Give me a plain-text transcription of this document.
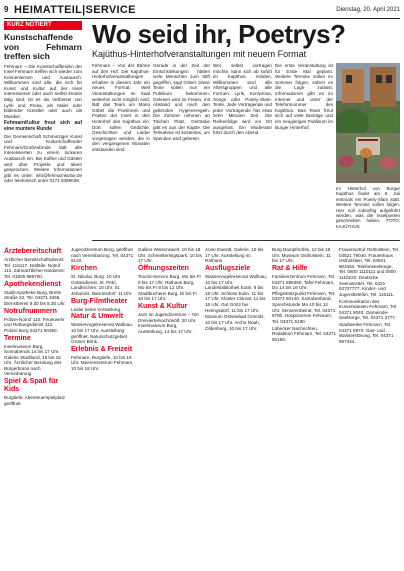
9 HEIMATTEIL|SERVICE	Dienstag, 20. April 2021
KURZ NOTIERT
Kunstschaffende von Fehmarn treffen sich

Fehmarn – Die Kunstschaffenden der Insel Fehmarn treffen sich wieder zum Kennenlernen und Austausch. Willkommen sind alle, die sich für Kunst und Kultur auf der Insel interessieren oder auch selbst kreativ tätig sind, ist es als Verfasser von Lyrik und Prosa, als Maler oder bildender Künstler oder auch als Musiker.

FehmarnKultur freut sich auf eine muntere Runde

Die Gemeinschaft Schmutziger Kunst und Kulturschaffender Fehmarn/Großenbrode lädt alle Interessierten zu einem lockeren Austausch ein. Bei Kaffee und Gästen wird über Projekte und Ideen gesprochen. Weitere Informationen gibt es unter: info@fehmarnkultur.de oder telefonisch unter 0171 9399038.

Wo seid ihr, Poetrys?
Kajüthus-Hinterhofveranstaltungen mit neuem Format

Fehmarn – Von der Bühne auf den Hof. Die Kajüthus-Hinterhofveranstaltungen erhalten in diesem Jahr ein neues Format: Weil Veranstaltungen im Saal weiterhin nicht möglich sind, lädt das Team um Mario Göbel die Poetinnen und Poeten der Insel in den Hinterhof des Kajüthus ein. Dort sollen Gedichte, Geschichten und Lieder vorgetragen werden, die in den vergangenen Monaten entstanden sind.

Gerade in der Zeit der Einschränkungen hätten viele Menschen zum Stift gegriffen, sagt Göbel. Diese Texte sollen nun ein Publikum bekommen. Gelesen wird im Freien, mit Abstand und nach den geltenden Hygieneregeln. Die Zuhörer nehmen an Tischen Platz, Getränke gibt es aus der Kajüte. Die Teilnahme ist kostenlos, um Spenden wird gebeten.

Wer selbst vortragen möchte, kann sich ab sofort im Kajüthus melden. Willkommen sind alle Altersgruppen und alle Formen: Lyrik, Kurzprosa, Songs oder Poetry-Slam-Texte. Jede Vortragende und jeder Vortragende hat etwa zehn Minuten Zeit. Die Reihenfolge wird vor Ort ausgelost. Ein Moderator führt durch den Abend.

Die erste Veranstaltung ist für Ende Mai geplant. Weitere Termine sollen im Sommer folgen, sofern es die Lage zulässt. Informationen gibt es im Internet und unter der Telefonnummer des Kajüthus. Das Team freut sich auf viele Beiträge und ein neugieriges Publikum im Burger Hinterhof.

Im Hinterhof von Burger Kajüthus findet am 5. Juli erstmals ein Poetry-Slam statt. Weitere Termine sollen folgen. Hier soll zukünftig aufgeführt werden, was die Inselpoeten geschrieben haben. FOTO: KAJÜTHUS
Ärztebereitschaft

Ärztlicher Bereitschaftsdienst: Tel. 116117. Notfälle: Notruf 112. Zahnärztlicher Notdienst: Tel. 01805 986700.

Apothekendienst

Stadt-Apotheke Burg, Breite Straße 22, Tel. 04371 3456. Dienstbereit 8.30 bis 8.30 Uhr.

Notrufnummern

Polizei-Notruf 110. Feuerwehr und Rettungsdienst 112. Polizei Burg 04371 50380.

Termine

Inselmuseum Burg, Sonnabends 14 bis 17 Uhr. Galerie Stadtland, 15 bis 18 Uhr. Ärztlicher Beratung des Bürgerbüros nach Vereinbarung.

Spiel & Spaß für Kids

Burgtiefe: Abenteuerspielplatz geöffnet.

Jugendzentrum Burg, geöffnet nach Vereinbarung, Tel. 04371 9120.

Kirchen

St. Nikolai, Burg: 10 Uhr Gottesdienst. St. Petri, Landkirchen: 10 Uhr. St. Johannis, Bannesdorf: 11 Uhr.

Burg-Filmtheater

Leider keine Vorstellung.

Natur & Umwelt

Wasservogelreservat Wallnau, 10 bis 17 Uhr, Ausstellung geöffnet. Naturschutzgebiet Grüner Brink.

Erlebnis & Freizeit

Fehmare, Burgtiefe, 10 bis 18 Uhr. Meereszentrum Fehmarn, 10 bis 18 Uhr.

Galileo Wissenswelt, 10 bis 18 Uhr. Schmetterlingspark, 10 bis 17 Uhr.

Öffnungszeiten

Tourist-Service Burg, Mo bis Fr 9 bis 17 Uhr. Rathaus Burg, Mo bis Fr 8 bis 12 Uhr. Stadtbücherei Burg, Di bis Fr 10 bis 17 Uhr.

Kunst & Kultur

Jazz im Jugendzentrum – Ton Dreiviertelnachzwölf, 20 Uhr. Inselmuseum Burg, Ausstellung, 14 bis 17 Uhr.

Anne Ewerdt, Galerie, 10 bis 17 Uhr. Ausstellung im Rathaus.

Ausflugsziele

Wasservogelreservat Wallnau, 10 bis 17 Uhr. Landesbibliothek Eutin, 9 bis 18 Uhr. Schloss Eutin, 11 bis 17 Uhr. Kloster Cismar, 11 bis 18 Uhr. Gut Görtz bei Heringsdorf, 11 bis 17 Uhr.

Museum Ostseebad Grömitz, 10 bis 17 Uhr. Arche Noah, Oldenburg, 10 bis 17 Uhr.

Burg Dampfmühle, 12 bis 18 Uhr. Museum Ostholstein, 11 bis 17 Uhr.

Rat & Hilfe

Familienzentrum Fehmarn, Tel. 04371 888350. Tafel Fehmarn, Do 14 bis 16 Uhr. Pflegestützpunkt Fehmarn, Tel. 04371 50140. Sozialverband, Sprechstunde Mo 10 bis 12 Uhr. Seniorenbeirat, Tel. 04371 6780. Hospizverein Fehmarn, Tel. 04371 5190.

Lübecker Nachrichten, Redaktion Fehmarn, Tel. 04371 50150.

Frauennotruf Ostholstein, Tel. 04521 79040. Frauenhaus Ostholstein, Tel. 04521 804453. Telefonseelsorge, Tel. 0800 1110111 und 0800 1110222. Deutsche Seenotretter, Tel. 0421 53707777. Kinder- und Jugendtelefon, Tel. 116111.

Kommunikation des Kurvenwiesen-Fehmarn, Tel. 04371 9040. Gemeinde-Seelsorge, Tel. 04371 2777.

Stadtwerke Fehmarn, Tel. 04371 8970. Gas- und Wasserstörung, Tel. 04371 897444.
